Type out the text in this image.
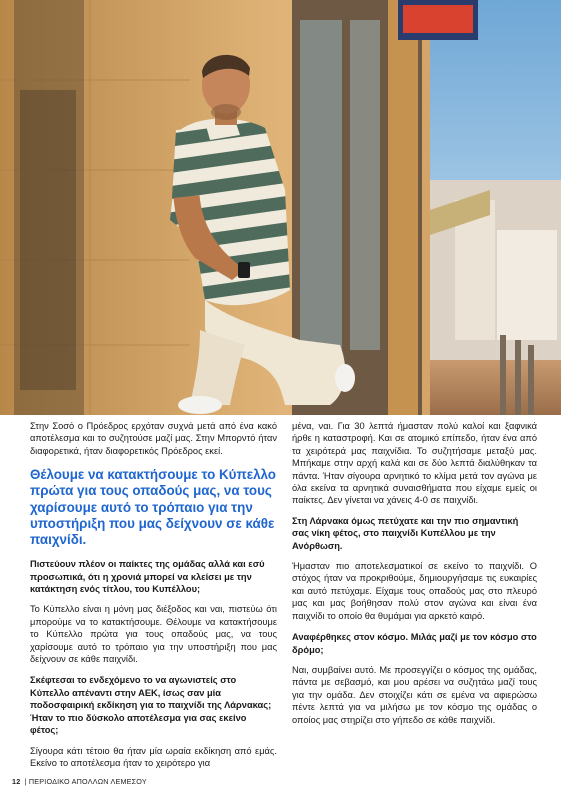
Στην Σοσό ο Πρόεδρος ερχόταν συχνά μετά από ένα κακό αποτέλεσμα και το συζητούσε μαζί μας. Στην Μπορντό ήταν διαφορετικά, ήταν διαφορετικός Πρόεδρος εκεί.

Θέλουμε να κατακτήσουμε το Κύπελλο πρώτα για τους οπαδούς μας, να τους χαρίσουμε αυτό το τρόπαιο για την υποστήριξη που μας δείχνουν σε κάθε παιχνίδι.

Πιστεύουν πλέον οι παίκτες της ομάδας αλλά και εσύ προσωπικά, ότι η χρονιά μπορεί να κλείσει με την κατάκτηση ενός τίτλου, του Κυπέλλου;

Το Κύπελλο είναι η μόνη μας διέξοδος και ναι, πιστεύω ότι μπορούμε να το κατακτήσουμε. Θέλουμε να κατακτήσουμε το Κύπελλο πρώτα για τους οπαδούς μας, να τους χαρίσουμε αυτό το τρόπαιο για την υποστήριξη που μας δείχνουν σε κάθε παιχνίδι.

Σκέφτεσαι το ενδεχόμενο το να αγωνιστείς στο Κύπελλο απέναντι στην ΑΕΚ, ίσως σαν μία ποδοσφαιρική εκδίκηση για το παιχνίδι της Λάρνακας; Ήταν το πιο δύσκολο αποτέλεσμα για σας εκείνο φέτος;

Σίγουρα κάτι τέτοιο θα ήταν μία ωραία εκδίκηση από εμάς. Εκείνο το αποτέλεσμα ήταν το χειρότερο για

μένα, ναι. Για 30 λεπτά ήμασταν πολύ καλοί και ξαφνικά ήρθε η καταστροφή. Και σε ατομικό επίπεδο, ήταν ένα από τα χειρότερά μας παιχνίδια. Το συζητήσαμε μεταξύ μας. Μπήκαμε στην αρχή καλά και σε δύο λεπτά διαλύθηκαν τα πάντα. Ήταν σίγουρα αρνητικό το κλίμα μετά τον αγώνα με όλα εκείνα τα αρνητικά συναισθήματα που είχαμε εμείς οι παίκτες. Δεν γίνεται να χάνεις 4-0 σε παιχνίδι.

Στη Λάρνακα όμως πετύχατε και την πιο σημαντική σας νίκη φέτος, στο παιχνίδι Κυπέλλου με την Ανόρθωση.

Ήμασταν πιο αποτελεσματικοί σε εκείνο το παιχνίδι. Ο στόχος ήταν να προκριθούμε, δημιουργήσαμε τις ευκαιρίες και αυτό πετύχαμε. Είχαμε τους οπαδούς μας στο πλευρό μας και μας βοήθησαν πολύ στον αγώνα και είναι ένα παιχνίδι το οποίο θα θυμάμαι για αρκετό καιρό.

Αναφέρθηκες στον κόσμο. Μιλάς μαζί με τον κόσμο στο δρόμο;

Ναι, συμβαίνει αυτό. Με προσεγγίζει ο κόσμος της ομάδας, πάντα με σεβασμό, και μου αρέσει να συζητάω μαζί τους για την ομάδα. Δεν στοιχίζει κάτι σε εμένα να αφιερώσω πέντε λεπτά για να μιλήσω με τον κόσμο της ομάδας ο οποίος μας στηρίζει στο γήπεδο σε κάθε παιχνίδι.

12 | ΠΕΡΙΟΔΙΚΟ ΑΠΟΛΛΩΝ ΛΕΜΕΣΟΥ
